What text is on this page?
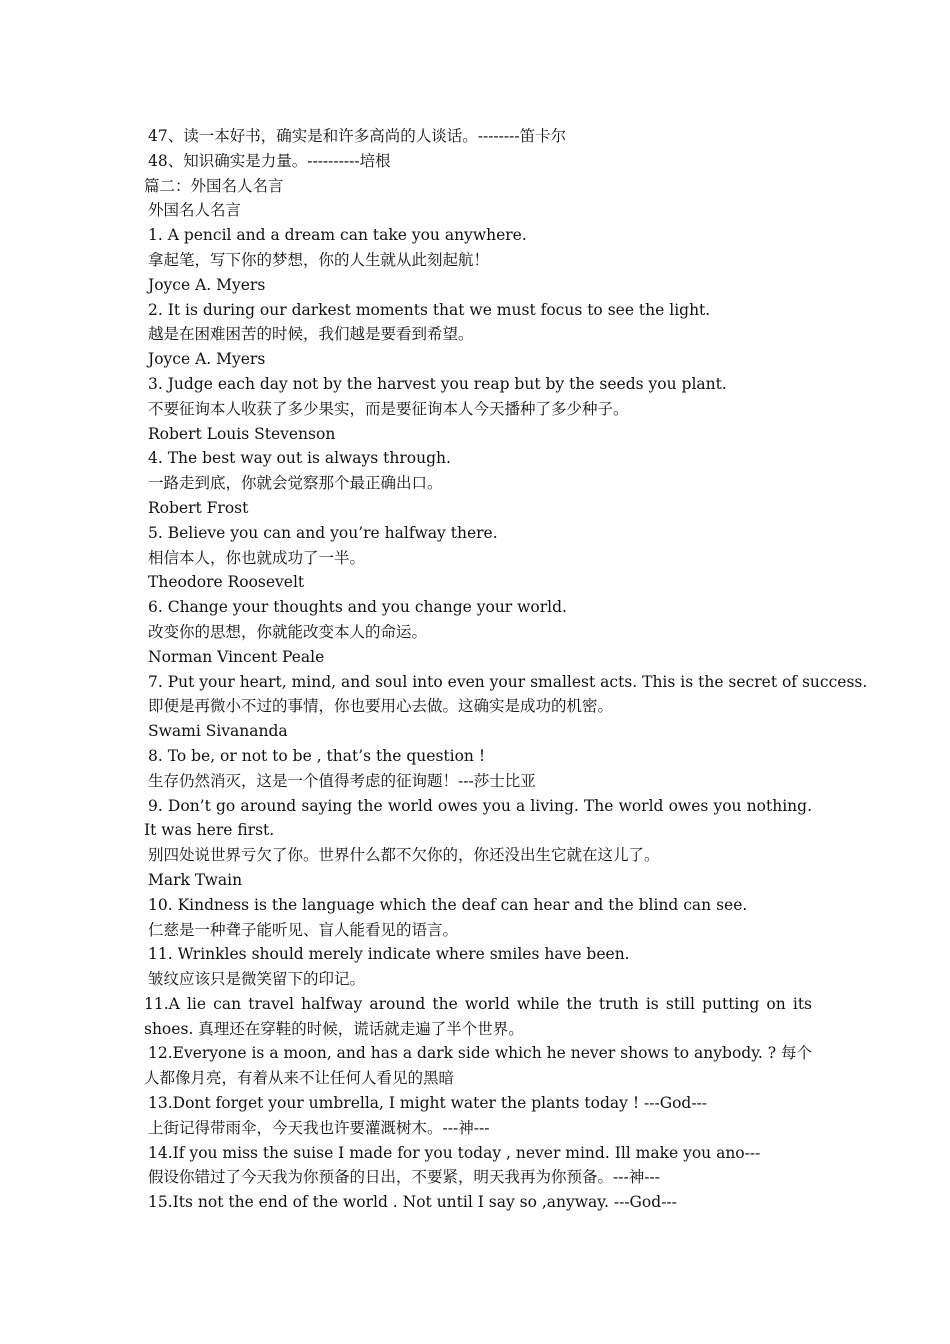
47、读一本好书，确实是和许多高尚的人谈话。--------笛卡尔

48、知识确实是力量。----------培根

篇二：外国名人名言

外国名人名言

1. A pencil and a dream can take you anywhere.

拿起笔，写下你的梦想，你的人生就从此刻起航！

Joyce A. Myers

2. It is during our darkest moments that we must focus to see the light.

越是在困难困苦的时候，我们越是要看到希望。

Joyce A. Myers

3. Judge each day not by the harvest you reap but by the seeds you plant.

不要征询本人收获了多少果实，而是要征询本人今天播种了多少种子。

Robert Louis Stevenson

4. The best way out is always through.

一路走到底，你就会觉察那个最正确出口。

Robert Frost

5. Believe you can and you’re halfway there.

相信本人，你也就成功了一半。

Theodore Roosevelt

6. Change your thoughts and you change your world.

改变你的思想，你就能改变本人的命运。

Norman Vincent Peale

7. Put your heart, mind, and soul into even your smallest acts. This is the secret of success.

即便是再微小不过的事情，你也要用心去做。这确实是成功的机密。

Swami Sivananda

8. To be, or not to be , that’s the question !

生存仍然消灭，这是一个值得考虑的征询题！---莎士比亚

9. Don’t go around saying the world owes you a living. The world owes you nothing. It was here first.

别四处说世界亏欠了你。世界什么都不欠你的，你还没出生它就在这儿了。

Mark Twain

10. Kindness is the language which the deaf can hear and the blind can see.

仁慈是一种聋子能听见、盲人能看见的语言。

11. Wrinkles should merely indicate where smiles have been.

皱纹应该只是微笑留下的印记。

11.A lie can travel halfway around the world while the truth is still putting on its shoes. 真理还在穿鞋的时候，谎话就走遍了半个世界。

12.Everyone is a moon, and has a dark side which he never shows to anybody. ? 每个人都像月亮，有着从来不让任何人看见的黑暗

13.Dont forget your umbrella, I might water the plants today ! ---God---

上街记得带雨伞，今天我也许要灌溉树木。---神---

14.If you miss the suise I made for you today , never mind. Ill make you ano---

假设你错过了今天我为你预备的日出，不要紧，明天我再为你预备。---神---

15.Its not the end of the world . Not until I say so ,anyway. ---God---
